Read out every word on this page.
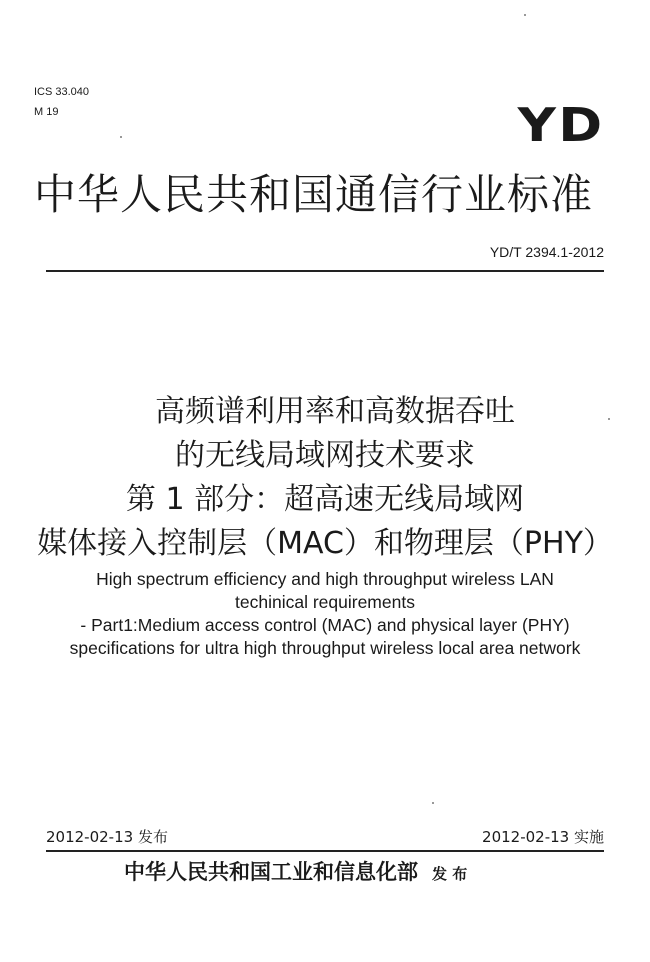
ICS 33.040
M 19	YD
中华人民共和国通信行业标准
YD/T 2394.1-2012
高频谱利用率和高数据吞吐
的无线局域网技术要求
第 1 部分：超高速无线局域网
媒体接入控制层（MAC）和物理层（PHY）
High spectrum efficiency and high throughput wireless LAN
techinical requirements
- Part1:Medium access control (MAC) and physical layer (PHY)
specifications for ultra high throughput wireless local area network
2012-02-13 发布	2012-02-13 实施
中华人民共和国工业和信息化部 发 布
